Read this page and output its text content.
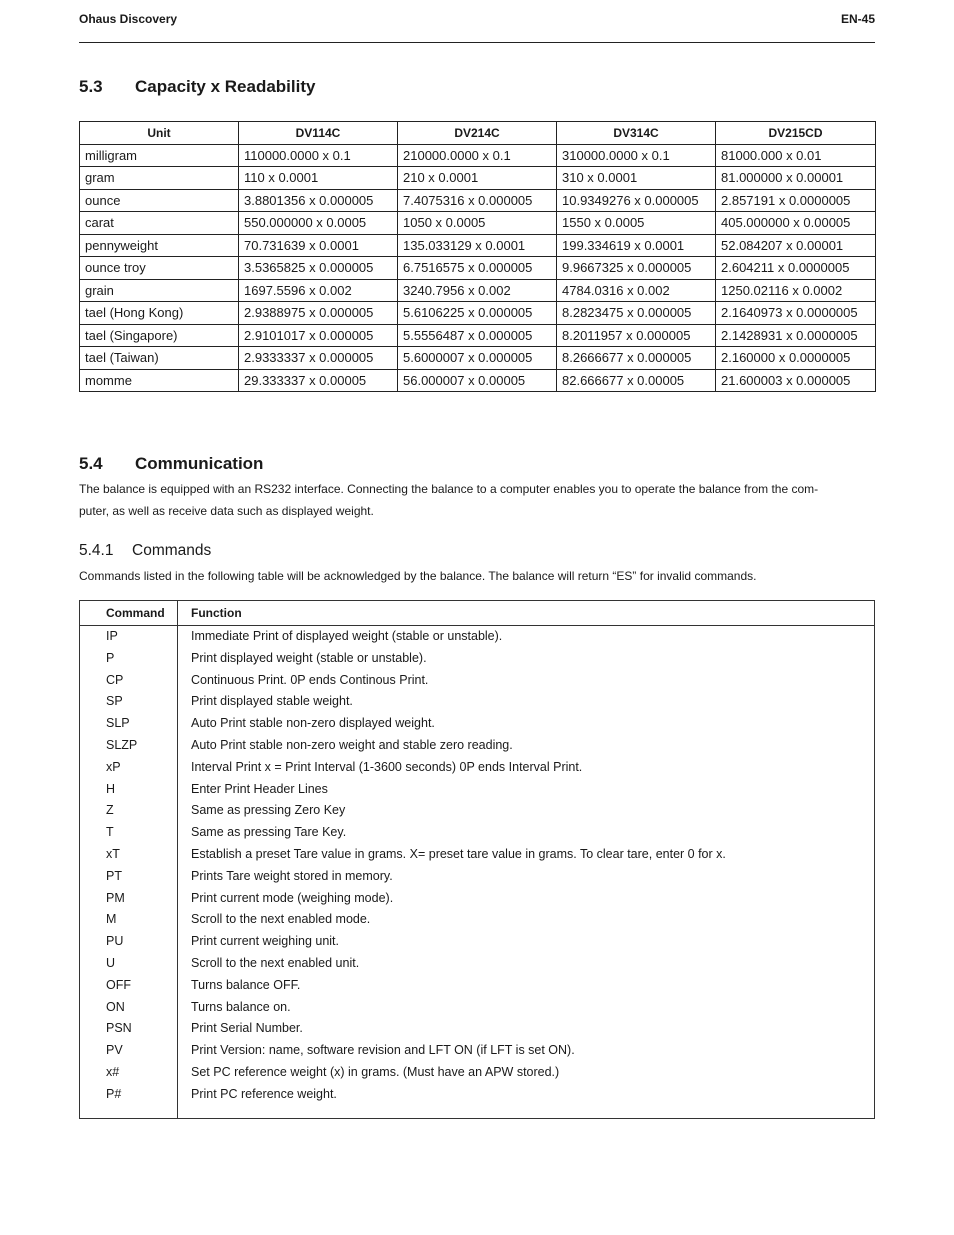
Ohaus Discovery	EN-45
5.3 Capacity x Readability
Unit	DV114C	DV214C	DV314C	DV215CD
milligram	110000.0000 x 0.1	210000.0000 x 0.1	310000.0000 x 0.1	81000.000 x 0.01
gram	110 x 0.0001	210 x 0.0001	310 x 0.0001	81.000000 x 0.00001
ounce	3.8801356 x 0.000005	7.4075316 x 0.000005	10.9349276 x 0.000005	2.857191 x 0.0000005
carat	550.000000 x 0.0005	1050 x 0.0005	1550 x 0.0005	405.000000 x 0.00005
pennyweight	70.731639 x 0.0001	135.033129 x 0.0001	199.334619 x 0.0001	52.084207 x 0.00001
ounce troy	3.5365825 x 0.000005	6.7516575 x 0.000005	9.9667325 x 0.000005	2.604211 x 0.0000005
grain	1697.5596 x 0.002	3240.7956 x 0.002	4784.0316 x 0.002	1250.02116 x 0.0002
tael (Hong Kong)	2.9388975 x 0.000005	5.6106225 x 0.000005	8.2823475 x 0.000005	2.1640973 x 0.0000005
tael (Singapore)	2.9101017 x 0.000005	5.5556487 x 0.000005	8.2011957 x 0.000005	2.1428931 x 0.0000005
tael (Taiwan)	2.9333337 x 0.000005	5.6000007 x 0.000005	8.2666677 x 0.000005	2.160000 x 0.0000005
momme	29.333337 x 0.00005	56.000007 x 0.00005	82.666677 x 0.00005	21.600003 x 0.000005
5.4 Communication
The balance is equipped with an RS232 interface. Connecting the balance to a computer enables you to operate the balance from the com-
puter, as well as receive data such as displayed weight.
5.4.1 Commands
Commands listed in the following table will be acknowledged by the balance. The balance will return “ES” for invalid commands.
Command Function
IP	Immediate Print of displayed weight (stable or unstable).
P	Print displayed weight (stable or unstable).
CP	Continuous Print. 0P ends Continous Print.
SP	Print displayed stable weight.
SLP	Auto Print stable non-zero displayed weight.
SLZP	Auto Print stable non-zero weight and stable zero reading.
xP	Interval Print x = Print Interval (1-3600 seconds) 0P ends Interval Print.
H	Enter Print Header Lines
Z	Same as pressing Zero Key
T	Same as pressing Tare Key.
xT	Establish a preset Tare value in grams. X= preset tare value in grams. To clear tare, enter 0 for x.
PT	Prints Tare weight stored in memory.
PM	Print current mode (weighing mode).
M	Scroll to the next enabled mode.
PU	Print current weighing unit.
U	Scroll to the next enabled unit.
OFF	Turns balance OFF.
ON	Turns balance on.
PSN	Print Serial Number.
PV	Print Version: name, software revision and LFT ON (if LFT is set ON).
x#	Set PC reference weight (x) in grams. (Must have an APW stored.)
P#	Print PC reference weight.
